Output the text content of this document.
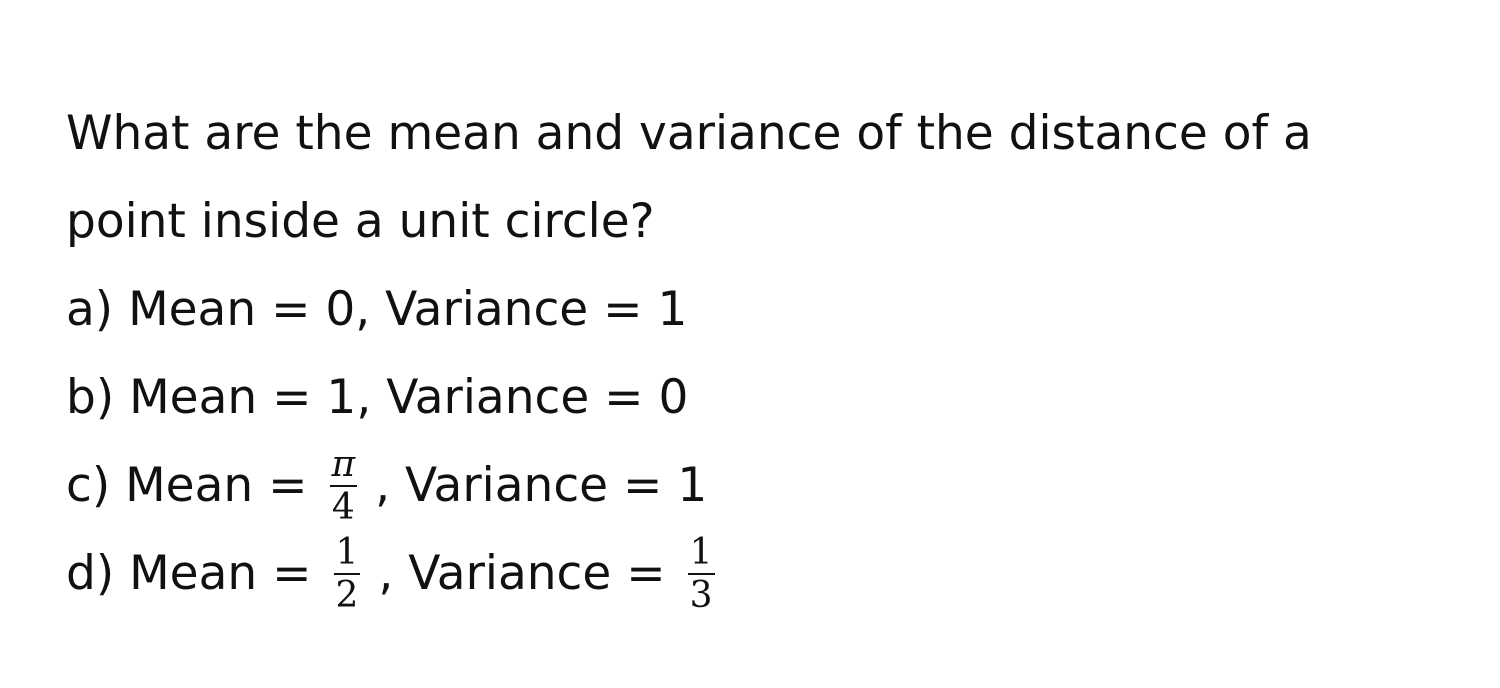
What are the mean and variance of the distance of a
point inside a unit circle?

a) Mean = 0, Variance = 1
b) Mean = 1, Variance = 0
c) Mean = $\frac{\pi}{4}$ , Variance = 1
d) Mean = $\frac{1}{2}$ , Variance = $\frac{1}{3}$
